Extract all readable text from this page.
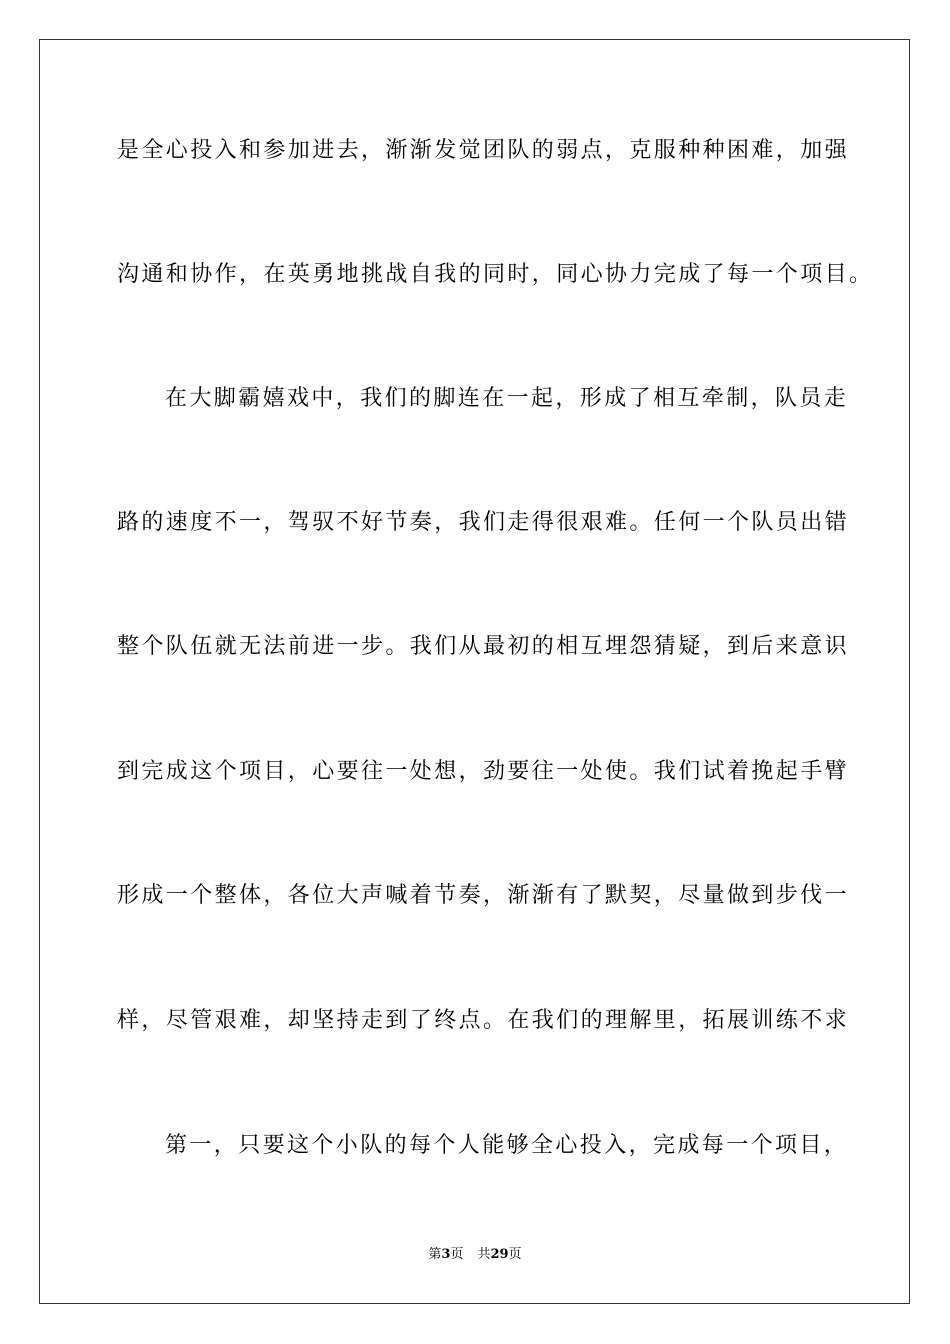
是全心投入和参加进去，渐渐发觉团队的弱点，克服种种困难，加强
沟通和协作，在英勇地挑战自我的同时，同心协力完成了每一个项目。
在大脚霸嬉戏中，我们的脚连在一起，形成了相互牵制，队员走
路的速度不一，驾驭不好节奏，我们走得很艰难。任何一个队员出错
整个队伍就无法前进一步。我们从最初的相互埋怨猜疑，到后来意识
到完成这个项目，心要往一处想，劲要往一处使。我们试着挽起手臂
形成一个整体，各位大声喊着节奏，渐渐有了默契，尽量做到步伐一
样，尽管艰难，却坚持走到了终点。在我们的理解里，拓展训练不求
第一，只要这个小队的每个人能够全心投入，完成每一个项目，
第3页 共29页
